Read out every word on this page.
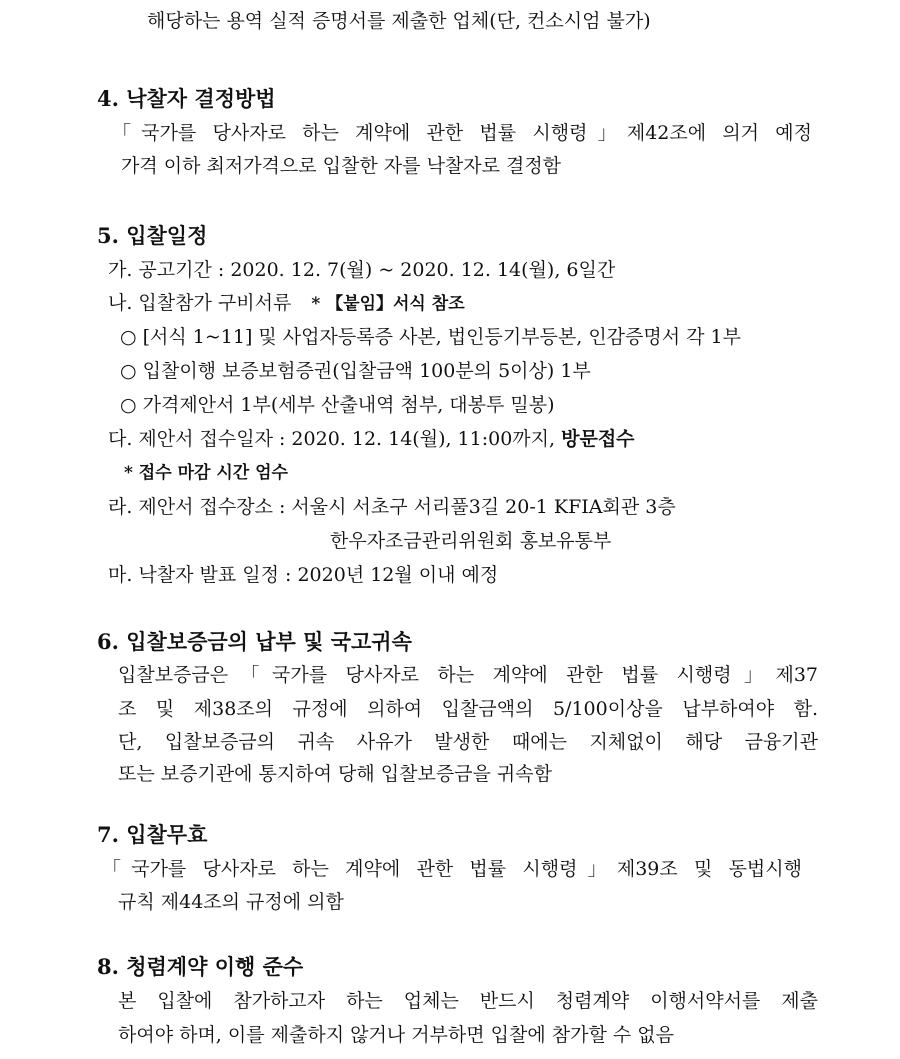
해당하는 용역 실적 증명서를 제출한 업체(단, 컨소시엄 불가)
4. 낙찰자 결정방법
「국가를 당사자로 하는 계약에 관한 법률 시행령」제42조에 의거 예정
가격 이하 최저가격으로 입찰한 자를 낙찰자로 결정함
5. 입찰일정
가. 공고기간 : 2020. 12. 7(월) ~ 2020. 12. 14(월), 6일간
나. 입찰참가 구비서류 * 【붙임】서식 참조
○ [서식 1~11] 및 사업자등록증 사본, 법인등기부등본, 인감증명서 각 1부
○ 입찰이행 보증보험증권(입찰금액 100분의 5이상) 1부
○ 가격제안서 1부(세부 산출내역 첨부, 대봉투 밀봉)
다. 제안서 접수일자 : 2020. 12. 14(월), 11:00까지, 방문접수
* 접수 마감 시간 엄수
라. 제안서 접수장소 : 서울시 서초구 서리풀3길 20-1 KFIA회관 3층
한우자조금관리위원회 홍보유통부
마. 낙찰자 발표 일정 : 2020년 12월 이내 예정
6. 입찰보증금의 납부 및 국고귀속
입찰보증금은「국가를 당사자로 하는 계약에 관한 법률 시행령」제37
조 및 제38조의 규정에 의하여 입찰금액의 5/100이상을 납부하여야 함.
단, 입찰보증금의 귀속 사유가 발생한 때에는 지체없이 해당 금융기관
또는 보증기관에 통지하여 당해 입찰보증금을 귀속함
7. 입찰무효
「국가를 당사자로 하는 계약에 관한 법률 시행령」제39조 및 동법시행
규칙 제44조의 규정에 의함
8. 청렴계약 이행 준수
본 입찰에 참가하고자 하는 업체는 반드시 청렴계약 이행서약서를 제출
하여야 하며, 이를 제출하지 않거나 거부하면 입찰에 참가할 수 없음
